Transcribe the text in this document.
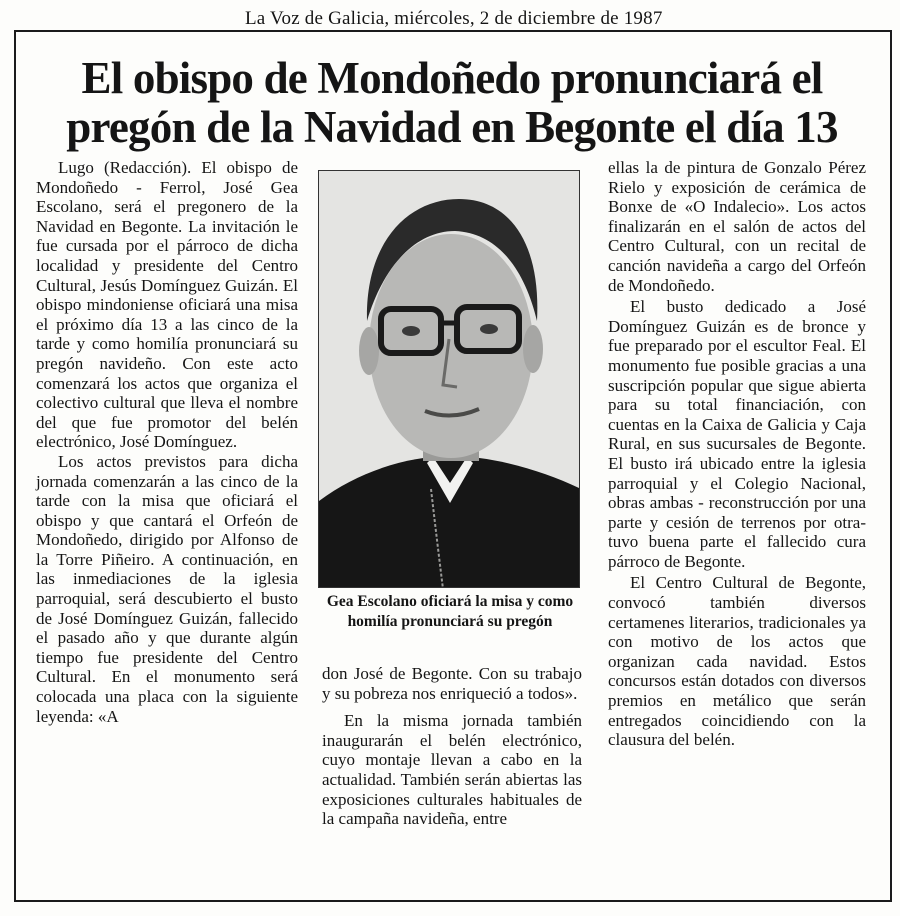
La Voz de Galicia, miércoles, 2 de diciembre de 1987
El obispo de Mondoñedo pronunciará el
pregón de la Navidad en Begonte el día 13

Lugo (Redacción). El obispo de Mondoñedo - Ferrol, José Gea Escolano, será el pregonero de la Navidad en Begonte. La invitación le fue cursada por el párroco de dicha localidad y presidente del Centro Cultural, Jesús Domínguez Guizán. El obispo mindoniense oficiará una misa el próximo día 13 a las cinco de la tarde y como homilía pronunciará su pregón navideño. Con este acto comenzará los actos que organiza el colectivo cultural que lleva el nombre del que fue promotor del belén electrónico, José Domínguez.

Los actos previstos para dicha jornada comenzarán a las cinco de la tarde con la misa que oficiará el obispo y que cantará el Orfeón de Mondoñedo, dirigido por Alfonso de la Torre Piñeiro. A continuación, en las inmediaciones de la iglesia parroquial, será descubierto el busto de José Domínguez Guizán, fallecido el pasado año y que durante algún tiempo fue presidente del Centro Cultural. En el monumento será colocada una placa con la siguiente leyenda: «A

Gea Escolano oficiará la misa y como homilía pronunciará su pregón

don José de Begonte. Con su trabajo y su pobreza nos enriqueció a todos».

En la misma jornada también inaugurarán el belén electrónico, cuyo montaje llevan a cabo en la actualidad. También serán abiertas las exposiciones culturales habituales de la campaña navideña, entre

ellas la de pintura de Gonzalo Pérez Rielo y exposición de cerámica de Bonxe de «O Indalecio». Los actos finalizarán en el salón de actos del Centro Cultural, con un recital de canción navideña a cargo del Orfeón de Mondoñedo.

El busto dedicado a José Domínguez Guizán es de bronce y fue preparado por el escultor Feal. El monumento fue posible gracias a una suscripción popular que sigue abierta para su total financiación, con cuentas en la Caixa de Galicia y Caja Rural, en sus sucursales de Begonte. El busto irá ubicado entre la iglesia parroquial y el Colegio Nacional, obras ambas - reconstrucción por una parte y cesión de terrenos por otra- tuvo buena parte el fallecido cura párroco de Begonte.

El Centro Cultural de Begonte, convocó también diversos certamenes literarios, tradicionales ya con motivo de los actos que organizan cada navidad. Estos concursos están dotados con diversos premios en metálico que serán entregados coincidiendo con la clausura del belén.
